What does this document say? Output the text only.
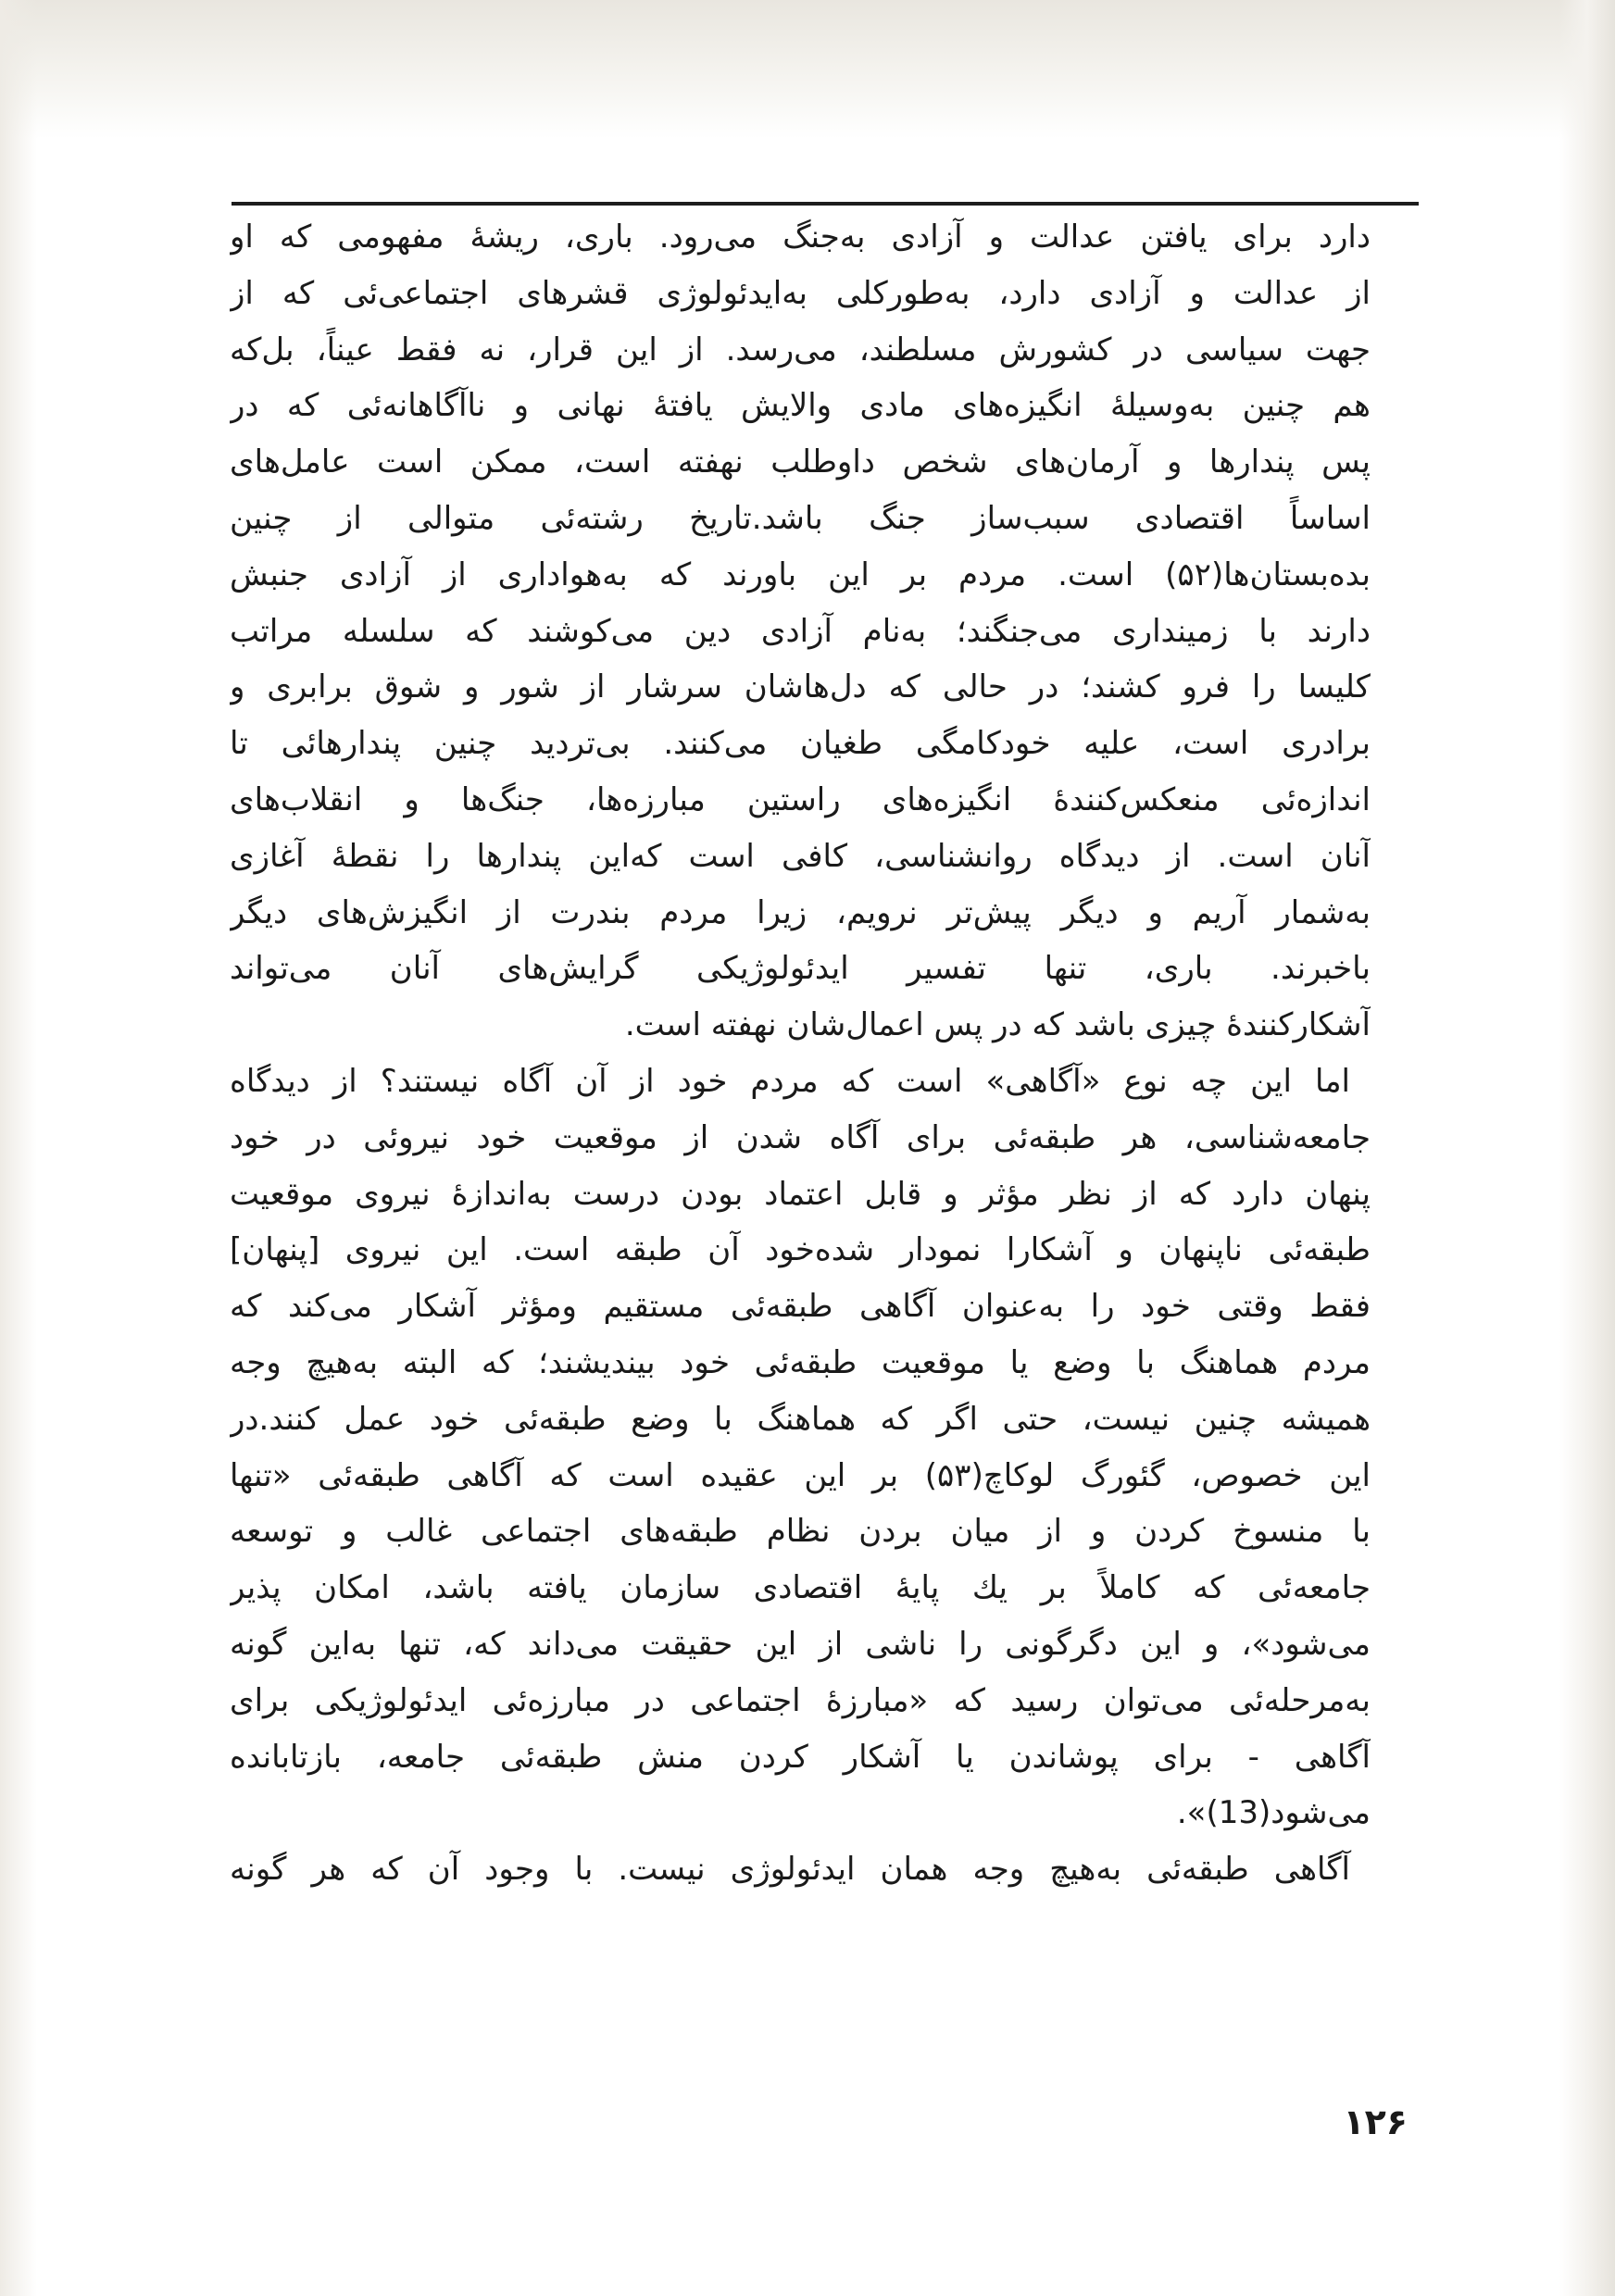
دارد برای یافتن عدالت و آزادی به‌جنگ می‌رود. باری، ریشهٔ مفهومی که او
از عدالت و آزادی دارد، به‌طورکلی به‌ایدئولوژی قشرهای اجتماعی‌ئی که از
جهت سیاسی در کشورش مسلطند، می‌رسد. از این قرار، نه فقط عیناً، بل‌که
هم چنین به‌وسیلهٔ انگیزه‌های مادی والایش یافتهٔ نهانی و ناآگاهانه‌ئی که در
پس پندارها و آرمان‌های شخص داوطلب نهفته است، ممکن است عامل‌های
اساساً اقتصادی سبب‌ساز جنگ باشد.تاریخ رشته‌ئی متوالی از چنین
بده‌بستان‌ها(۵۲) است. مردم بر این باورند که به‌هواداری از آزادی جنبش
دارند با زمینداری می‌جنگند؛ به‌نام آزادی دین می‌کوشند که سلسله مراتب
کلیسا را فرو کشند؛ در حالی که دل‌هاشان سرشار از شور و شوق برابری و
برادری است، علیه خودکامگی طغیان می‌کنند. بی‌تردید چنین پندارهائی تا
اندازه‌ئی منعکس‌کنندهٔ انگیزه‌های راستین مبارزه‌ها، جنگ‌ها و انقلاب‌های
آنان است. از دیدگاه روانشناسی، کافی است که‌این پندارها را نقطهٔ آغازی
به‌شمار آریم و دیگر پیش‌تر نرویم، زیرا مردم بندرت از انگیزش‌های دیگر
باخبرند. باری، تنها تفسیر ایدئولوژیکی گرایش‌های آنان می‌تواند
آشکارکنندهٔ چیزی باشد که در پس اعمال‌شان نهفته است.
اما این چه نوع «آگاهی» است که مردم خود از آن آگاه نیستند؟ از دیدگاه
جامعه‌شناسی، هر طبقه‌ئی برای آگاه شدن از موقعیت خود نیروئی در خود
پنهان دارد که از نظر مؤثر و قابل اعتماد بودن درست به‌اندازهٔ نیروی موقعیت
طبقه‌ئی ناپنهان و آشکارا نمودار شده‌خود آن طبقه است. این نیروی [پنهان]
فقط وقتی خود را به‌عنوان آگاهی طبقه‌ئی مستقیم ومؤثر آشکار می‌کند که
مردم هماهنگ با وضع یا موقعیت طبقه‌ئی خود بیندیشند؛ که البته به‌هیچ وجه
همیشه چنین نیست، حتی اگر که هماهنگ با وضع طبقه‌ئی خود عمل کنند.در
این خصوص، گئورگ لوکاچ(۵۳) بر این عقیده است که آگاهی طبقه‌ئی «تنها
با منسوخ کردن و از میان بردن نظام طبقه‌های اجتماعی غالب و توسعه
جامعه‌ئی که کاملاً بر یك پایهٔ اقتصادی سازمان یافته باشد، امکان پذیر
می‌شود»، و این دگرگونی را ناشی از این حقیقت می‌داند که، تنها به‌این گونه
به‌مرحله‌ئی می‌توان رسید که «مبارزهٔ اجتماعی در مبارزه‌ئی ایدئولوژیکی برای
آگاهی - برای پوشاندن یا آشکار کردن منش طبقه‌ئی جامعه، بازتابانده
می‌شود(13)».
آگاهی طبقه‌ئی به‌هیچ وجه همان ایدئولوژی نیست. با وجود آن که هر گونه
۱۲۶
